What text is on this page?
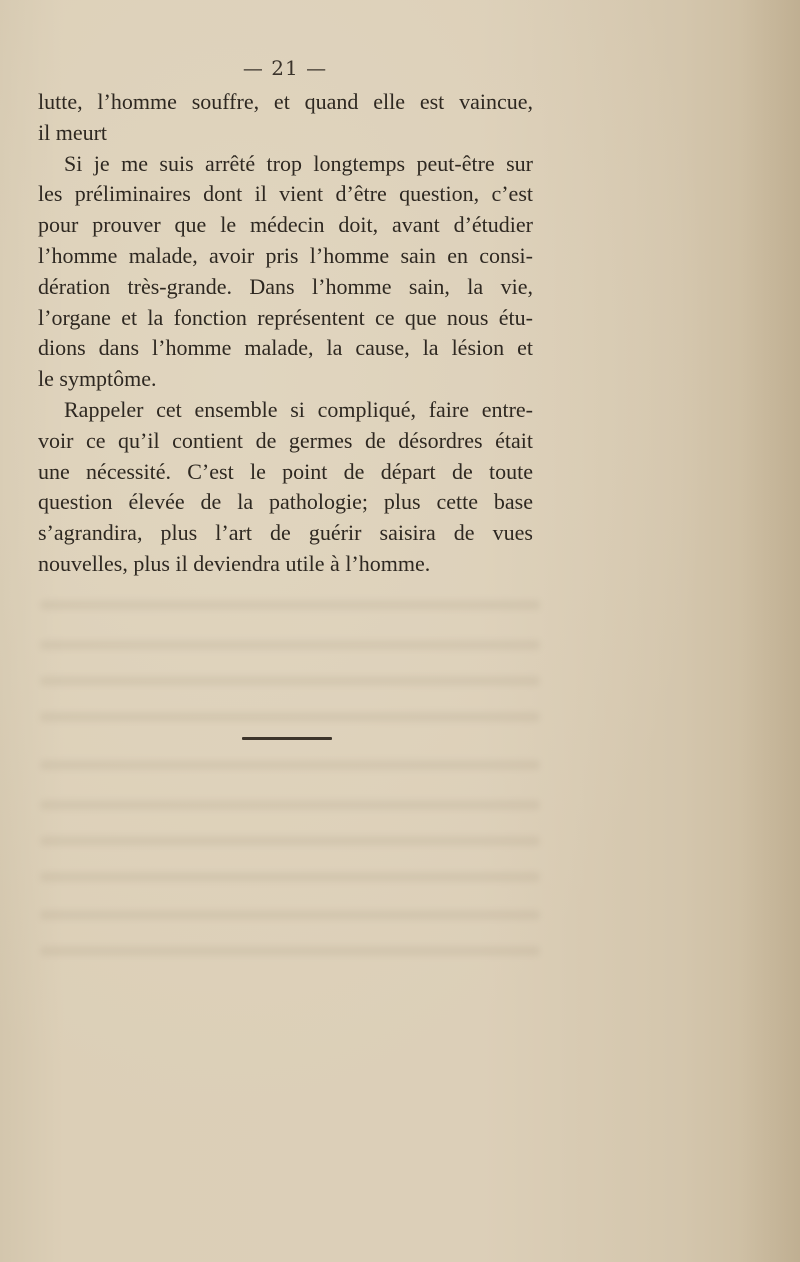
— 21 —
lutte, l’homme souffre, et quand elle est vaincue,
il meurt
Si je me suis arrêté trop longtemps peut-être sur
les préliminaires dont il vient d’être question, c’est
pour prouver que le médecin doit, avant d’étudier
l’homme malade, avoir pris l’homme sain en consi-
dération très-grande. Dans l’homme sain, la vie,
l’organe et la fonction représentent ce que nous étu-
dions dans l’homme malade, la cause, la lésion et
le symptôme.
Rappeler cet ensemble si compliqué, faire entre-
voir ce qu’il contient de germes de désordres était
une nécessité. C’est le point de départ de toute
question élevée de la pathologie; plus cette base
s’agrandira, plus l’art de guérir saisira de vues
nouvelles, plus il deviendra utile à l’homme.
